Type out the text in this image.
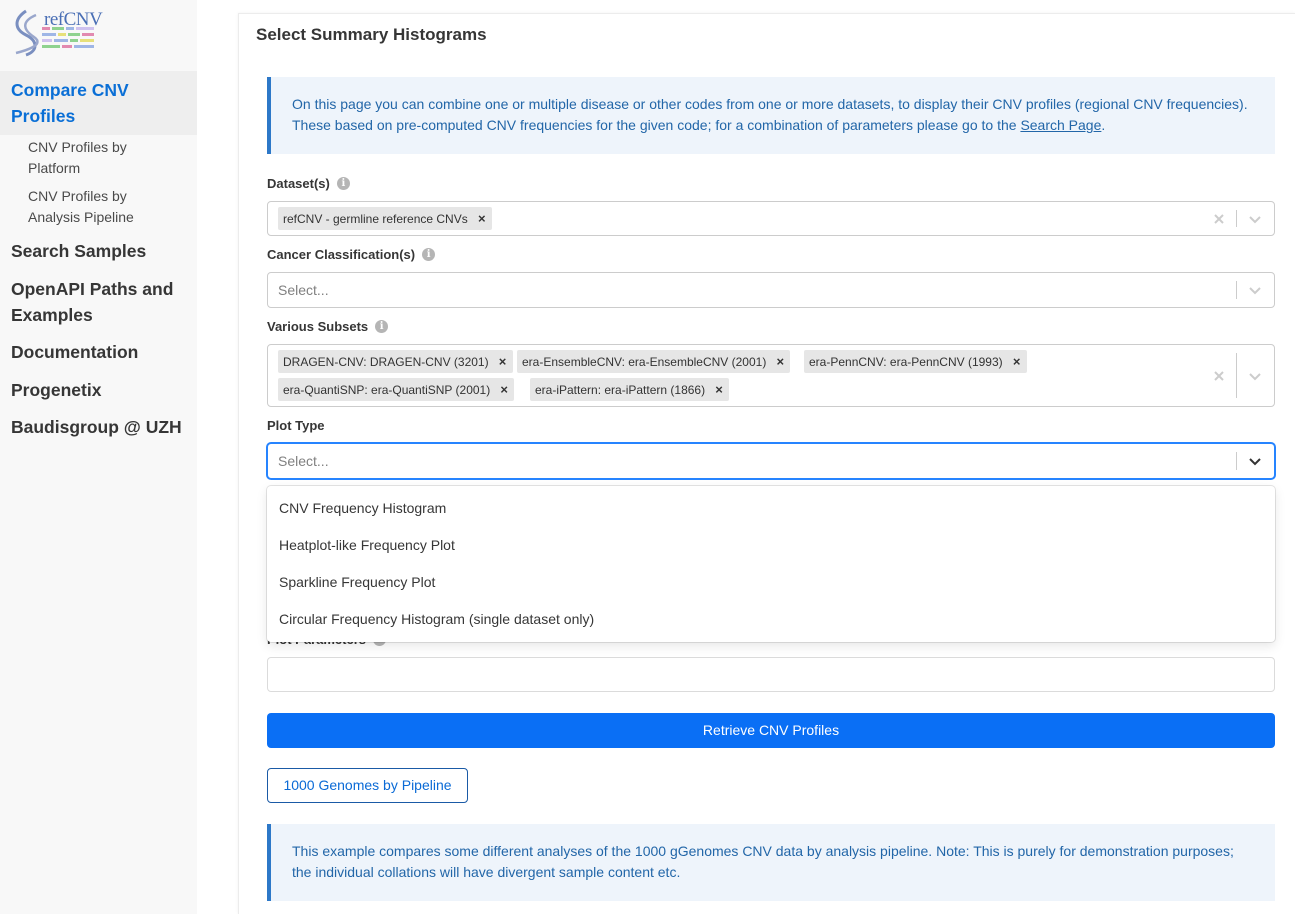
refCNV
Compare CNV Profiles
CNV Profiles by Platform
CNV Profiles by Analysis Pipeline
Search Samples
OpenAPI Paths and Examples
Documentation
Progenetix
Baudisgroup @ UZH
Select Summary Histograms
On this page you can combine one or multiple disease or other codes from one or more datasets, to display their CNV profiles (regional CNV frequencies). These based on pre-computed CNV frequencies for the given code; for a combination of parameters please go to the Search Page.
Dataset(s)	i
refCNV - germline reference CNVs ×
Cancer Classification(s)	i
Select...
Various Subsets	i
DRAGEN-CNV: DRAGEN-CNV (3201) ×	era-EnsembleCNV: era-EnsembleCNV (2001) ×	era-PennCNV: era-PennCNV (1993) ×
era-QuantiSNP: era-QuantiSNP (2001) ×	era-iPattern: era-iPattern (1866) ×
Plot Type
Select...
CNV Frequency Histogram
Heatplot-like Frequency Plot
Sparkline Frequency Plot
Circular Frequency Histogram (single dataset only)
Retrieve CNV Profiles
1000 Genomes by Pipeline
This example compares some different analyses of the 1000 gGenomes CNV data by analysis pipeline. Note: This is purely for demonstration purposes; the individual collations will have divergent sample content etc.
